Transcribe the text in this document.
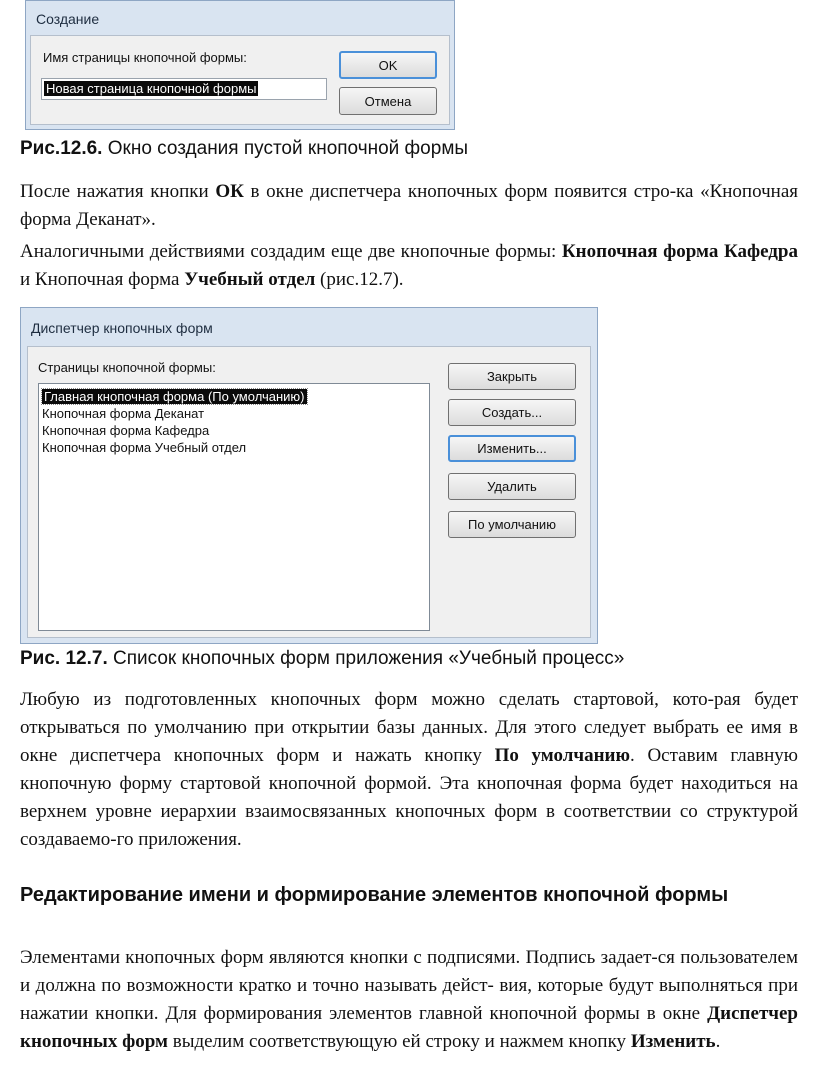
Создание
Имя страницы кнопочной формы:
Новая страница кнопочной формы
OK
Отмена
Рис.12.6. Окно создания пустой кнопочной формы
После нажатия кнопки ОК в окне диспетчера кнопочных форм появится стро-ка «Кнопочная форма Деканат».
Аналогичными действиями создадим еще две кнопочные формы: Кнопочная форма Кафедра и Кнопочная форма Учебный отдел (рис.12.7).
Диспетчер кнопочных форм
Страницы кнопочной формы:
Главная кнопочная форма (По умолчанию)
Кнопочная форма Деканат
Кнопочная форма Кафедра
Кнопочная форма Учебный отдел
Закрыть
Создать...
Изменить...
Удалить
По умолчанию
Рис. 12.7. Список кнопочных форм приложения «Учебный процесс»
Любую из подготовленных кнопочных форм можно сделать стартовой, кото-рая будет открываться по умолчанию при открытии базы данных. Для этого следует выбрать ее имя в окне диспетчера кнопочных форм и нажать кнопку По умолчанию. Оставим главную кнопочную форму стартовой кнопочной формой. Эта кнопочная форма будет находиться на верхнем уровне иерархии взаимосвязанных кнопочных форм в соответствии со структурой создаваемо-го приложения.
Редактирование имени и формирование элементов кнопочной формы
Элементами кнопочных форм являются кнопки с подписями. Подпись задает-ся пользователем и должна по возможности кратко и точно называть дейст- вия, которые будут выполняться при нажатии кнопки. Для формирования элементов главной кнопочной формы в окне Диспетчер кнопочных форм выделим соответствующую ей строку и нажмем кнопку Изменить.
